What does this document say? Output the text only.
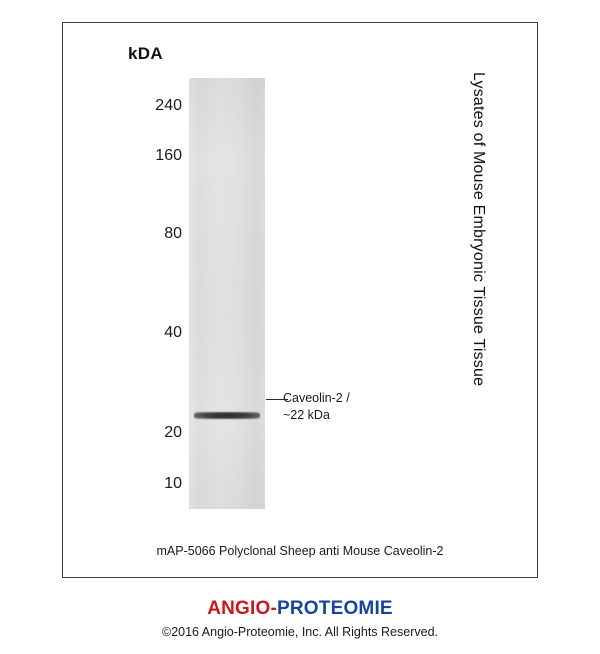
kDA
240
160
80
40
20
10
Caveolin-2 /
~22 kDa
Lysates of Mouse Embryonic Tissue Tissue
mAP-5066 Polyclonal Sheep anti Mouse Caveolin-2
ANGIO-PROTEOMIE
©2016 Angio-Proteomie, Inc. All Rights Reserved.
